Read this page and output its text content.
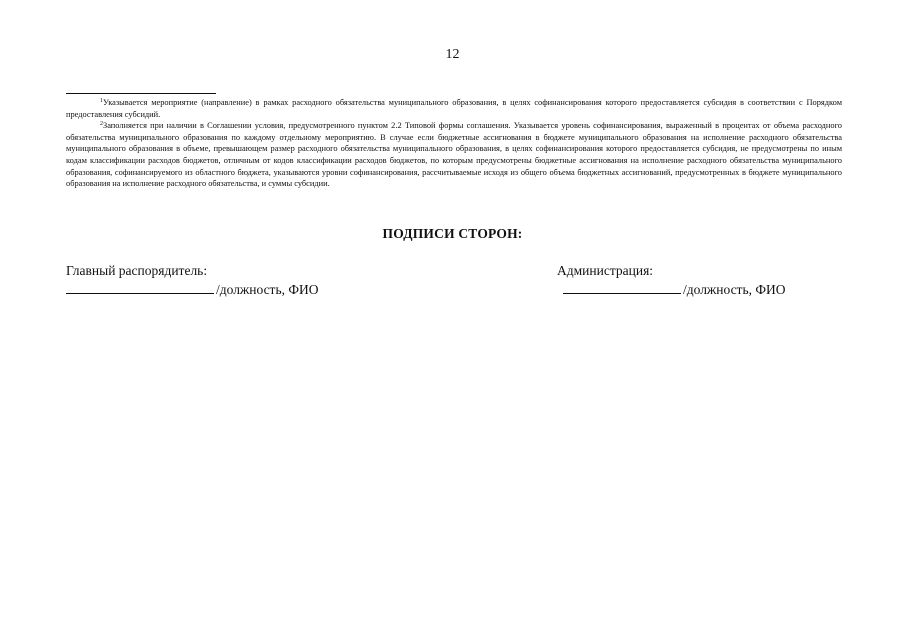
12

$^1$Указывается мероприятие (направление) в рамках расходного обязательства муниципального образования, в целях софинансирования которого предоставляется субсидия в соответствии с Порядком предоставления субсидий.

$^2$Заполняется при наличии в Соглашении условия, предусмотренного пунктом 2.2 Типовой формы соглашения. Указывается уровень софинансирования, выраженный в процентах от объема расходного обязательства муниципального образования по каждому отдельному мероприятию. В случае если бюджетные ассигнования в бюджете муниципального образования на исполнение расходного обязательства муниципального образования в объеме, превышающем размер расходного обязательства муниципального образования, в целях софинансирования которого предоставляется субсидия, не предусмотрены по иным кодам классификации расходов бюджетов, отличным от кодов классификации расходов бюджетов, по которым предусмотрены бюджетные ассигнования на исполнение расходного обязательства муниципального образования, софинансируемого из областного бюджета, указываются уровни софинансирования, рассчитываемые исходя из общего объема бюджетных ассигнований, предусмотренных в бюджете муниципального образования на исполнение расходного обязательства, и суммы субсидии.

ПОДПИСИ СТОРОН:
Главный распорядитель:
/должность, ФИО
Администрация:
/должность, ФИО
